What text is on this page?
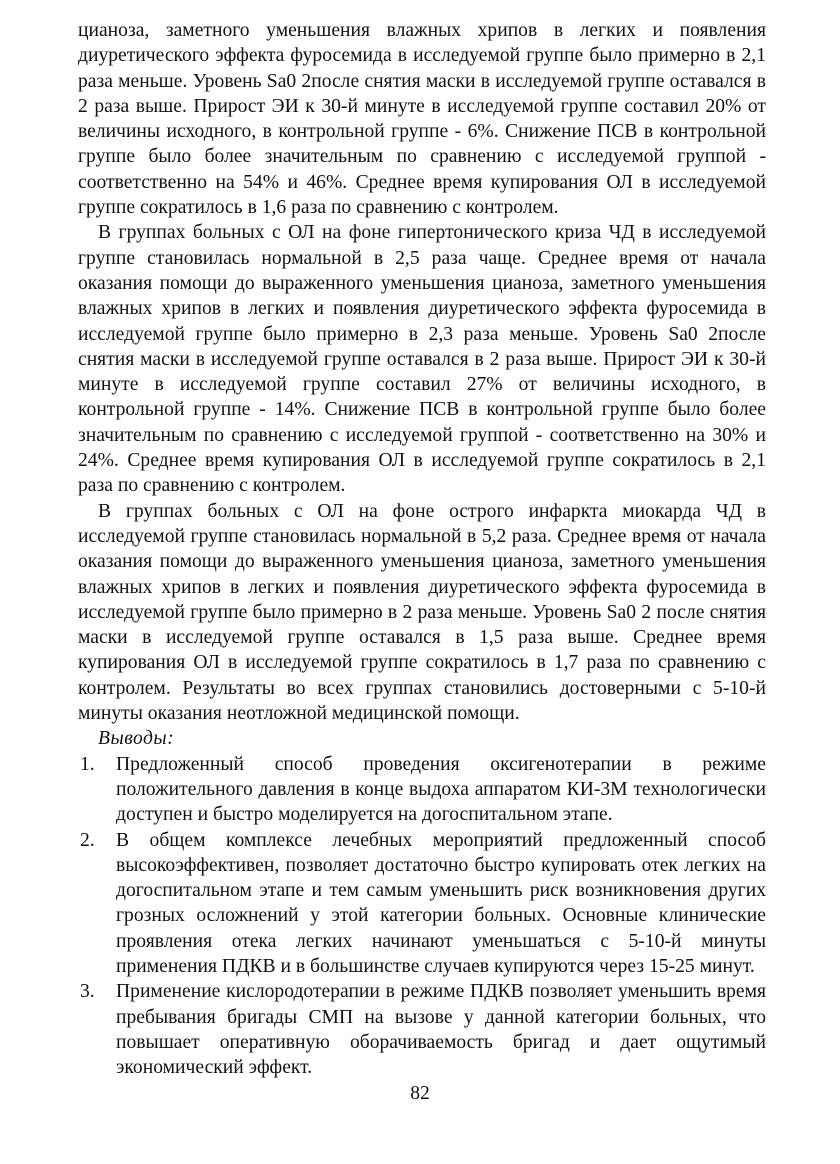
цианоза, заметного уменьшения влажных хрипов в легких и появления диуретического эффекта фуросемида в исследуемой группе было примерно в 2,1 раза меньше. Уровень Sa0 2после снятия маски в исследуемой группе оставался в 2 раза выше. Прирост ЭИ к 30-й минуте в исследуемой группе составил 20% от величины исходного, в контрольной группе - 6%. Снижение ПСВ в контрольной группе было более значительным по сравнению с исследуемой группой - соответственно на 54% и 46%. Среднее время купирования ОЛ в исследуемой группе сократилось в 1,6 раза по сравнению с контролем.

В группах больных с ОЛ на фоне гипертонического криза ЧД в исследуемой группе становилась нормальной в 2,5 раза чаще. Среднее время от начала оказания помощи до выраженного уменьшения цианоза, заметного уменьшения влажных хрипов в легких и появления диуретического эффекта фуросемида в исследуемой группе было примерно в 2,3 раза меньше. Уровень Sa0 2после снятия маски в исследуемой группе оставался в 2 раза выше. Прирост ЭИ к 30-й минуте в исследуемой группе составил 27% от величины исходного, в контрольной группе - 14%. Снижение ПСВ в контрольной группе было более значительным по сравнению с исследуемой группой - соответственно на 30% и 24%. Среднее время купирования ОЛ в исследуемой группе сократилось в 2,1 раза по сравнению с контролем.

В группах больных с ОЛ на фоне острого инфаркта миокарда ЧД в исследуемой группе становилась нормальной в 5,2 раза. Среднее время от начала оказания помощи до выраженного уменьшения цианоза, заметного уменьшения влажных хрипов в легких и появления диуретического эффекта фуросемида в исследуемой группе было примерно в 2 раза меньше. Уровень Sa0 2 после снятия маски в исследуемой группе оставался в 1,5 раза выше. Среднее время купирования ОЛ в исследуемой группе сократилось в 1,7 раза по сравнению с контролем. Результаты во всех группах становились достоверными с 5-10-й минуты оказания неотложной медицинской помощи.

Выводы:

1. Предложенный способ проведения оксигенотерапии в режиме положительного давления в конце выдоха аппаратом КИ-3М технологически доступен и быстро моделируется на догоспитальном этапе.
2. В общем комплексе лечебных мероприятий предложенный способ высокоэффективен, позволяет достаточно быстро купировать отек легких на догоспитальном этапе и тем самым уменьшить риск возникновения других грозных осложнений у этой категории больных. Основные клинические проявления отека легких начинают уменьшаться с 5-10-й минуты применения ПДКВ и в большинстве случаев купируются через 15-25 минут.
3. Применение кислородотерапии в режиме ПДКВ позволяет уменьшить время пребывания бригады СМП на вызове у данной категории больных, что повышает оперативную оборачиваемость бригад и дает ощутимый экономический эффект.
82
